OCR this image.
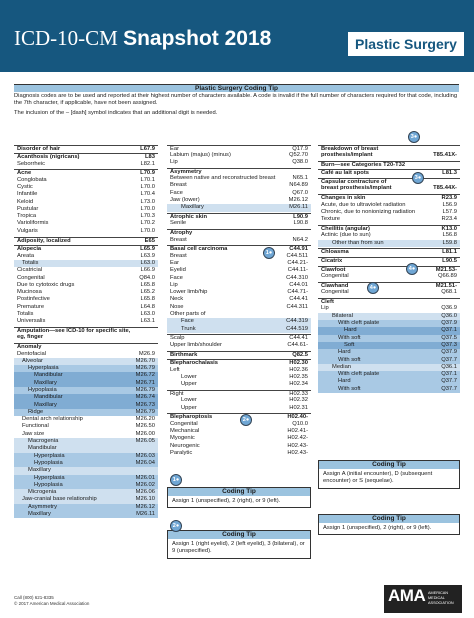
ICD-10-CM Snapshot 2018	Plastic Surgery
Plastic Surgery Coding Tip
Diagnosis codes are to be used and reported at their highest number of characters available. A code is invalid if the full number of characters required for that code, including the 7th character, if applicable, have not been assigned.
The inclusion of the – [dash] symbol indicates that an additional digit is needed.
Disorder of hair	L67.9
Acanthosis (nigricans)	L83
Seborrheic	L82.1
Acne	L70.9
Conglobata	L70.1
Cystic	L70.0
Infantile	L70.4
Keloid	L73.0
Pustular	L70.0
Tropica	L70.3
Varioliformis	L70.2
Vulgaris	L70.0
Adiposity, localized	E65
Alopecia	L65.9
Areata	L63.9
Totalis	L63.0
Cicatricial	L66.9
Congenital	Q84.0
Due to cytotoxic drugs	L65.8
Mucinosa	L65.2
Postinfective	L65.8
Premature	L64.8
Totalis	L63.0
Universalis	L63.1
Amputation—see ICD-10 for specific site,
eg, finger
Anomaly
Dentofacial	M26.9
Alveolar	M26.70
Hyperplasia	M26.79
Mandibular	M26.72
Maxillary	M26.71
Hypoplasia	M26.79
Mandibular	M26.74
Maxillary	M26.73
Ridge	M26.79
Dental arch relationship	M26.20
Functional	M26.50
Jaw size	M26.00
Macrogenia	M26.05
Mandibular
Hyperplasia	M26.03
Hypoplasia	M26.04
Maxillary
Hyperplasia	M26.01
Hypoplasia	M26.02
Microgenia	M26.06
Jaw-cranial base relationship	M26.10
Asymmetry	M26.12
Maxillary	M26.11
Ear	Q17.9
Labium (majus) (minus)	Q52.70
Lip	Q38.0
Asymmetry
Between native and reconstructed breast	N65.1
Breast	N64.89
Face	Q67.0
Jaw (lower)	M26.12
Maxillary	M26.11
Atrophic skin	L90.9
Senile	L90.8
Atrophy
Breast	N64.2
Basal cell carcinoma	C44.91
Breast	C44.511
Ear	C44.21-
Eyelid	C44.11-
Face	C44.310
Lip	C44.01
Lower limb/hip	C44.71-
Neck	C44.41
Nose	C44.311
Other parts of
Face	C44.319
Trunk	C44.519
Scalp	C44.41
Upper limb/shoulder	C44.61-
Birthmark	Q82.5
Blepharochalasis	H02.30
Left	H02.36
Lower	H02.35
Upper	H02.34
Right	H02.33
Lower	H02.32
Upper	H02.31
Blepharoptosis	H02.40-
Congenital	Q10.0
Mechanical	H02.41-
Myogenic	H02.42-
Neurogenic	H02.43-
Paralytic	H02.43-
Breakdown of breast
prosthesis/implant	T85.41X-
Burn—see Categories T20-T32
Café au lait spots	L81.3
Capsular contracture of
breast prosthesis/implant	T85.44X-
Changes in skin	R23.9
Acute, due to ultraviolet radiation	L56.9
Chronic, due to nonionizing radiation	L57.9
Texture	R23.4
Cheilitis (angular)	K13.0
Actinic (due to sun)	L56.8
Other than from sun	L59.8
Chloasma	L81.1
Cicatrix	L90.5
Clawfoot	M21.53-
Congenital	Q66.89
Clawhand	M21.51-
Congenital	Q68.1
Cleft
Lip	Q36.9
Bilateral	Q36.0
With cleft palate	Q37.9
Hard	Q37.1
With soft	Q37.5
Soft	Q37.3
Hard	Q37.9
With soft	Q37.7
Median	Q36.1
With cleft palate	Q37.1
Hard	Q37.7
With soft	Q37.7
Coding Tip
Assign A (initial encounter), D (subsequent encounter) or S (sequelae).
Coding Tip
Assign 1 (unspecified), 2 (right), or 9 (left).
Coding Tip
Assign 1 (unspecified), 2 (right), or 9 (left).
Coding Tip
Assign 1 (right eyelid), 2 (left eyelid), 3 (bilateral), or 9 (unspecified).
3●
3●
4●
4●
1●
1●
2●
2●
Call (800) 621-8335
© 2017 American Medical Association	AMA AMERICAN MEDICAL ASSOCIATION
